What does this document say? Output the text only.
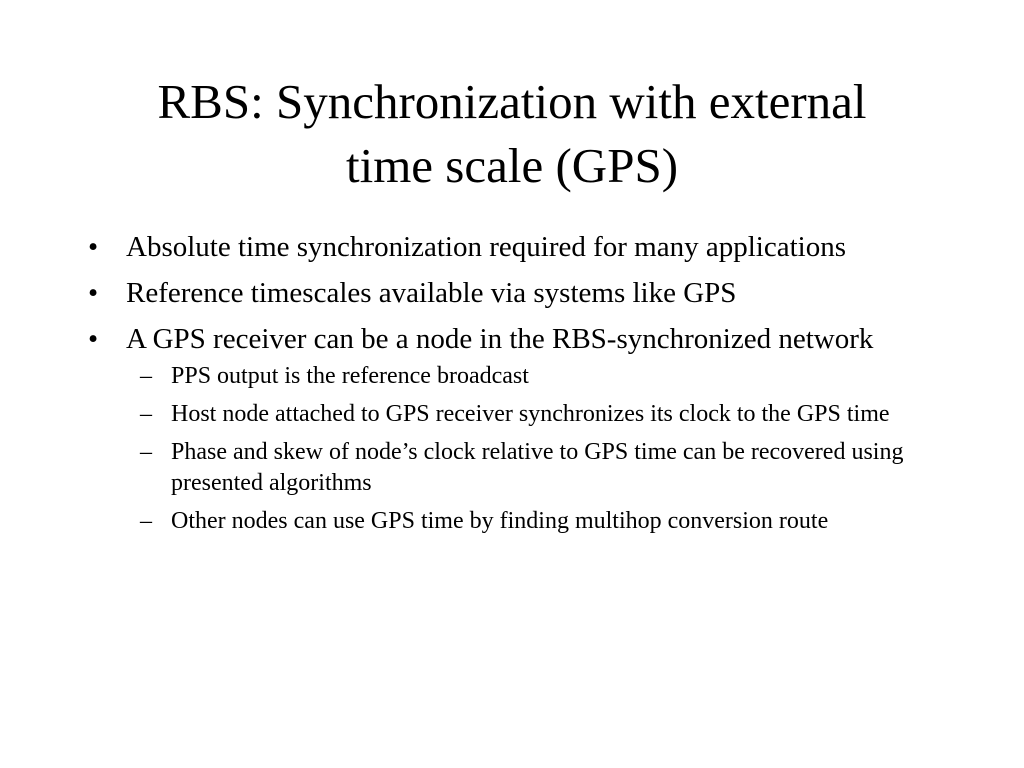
RBS: Synchronization with external
time scale (GPS)
• Absolute time synchronization required for many applications
• Reference timescales available via systems like GPS
• A GPS receiver can be a node in the RBS-synchronized network
– PPS output is the reference broadcast
– Host node attached to GPS receiver synchronizes its clock to the GPS time
– Phase and skew of node’s clock relative to GPS time can be recovered using presented algorithms
– Other nodes can use GPS time by finding multihop conversion route
